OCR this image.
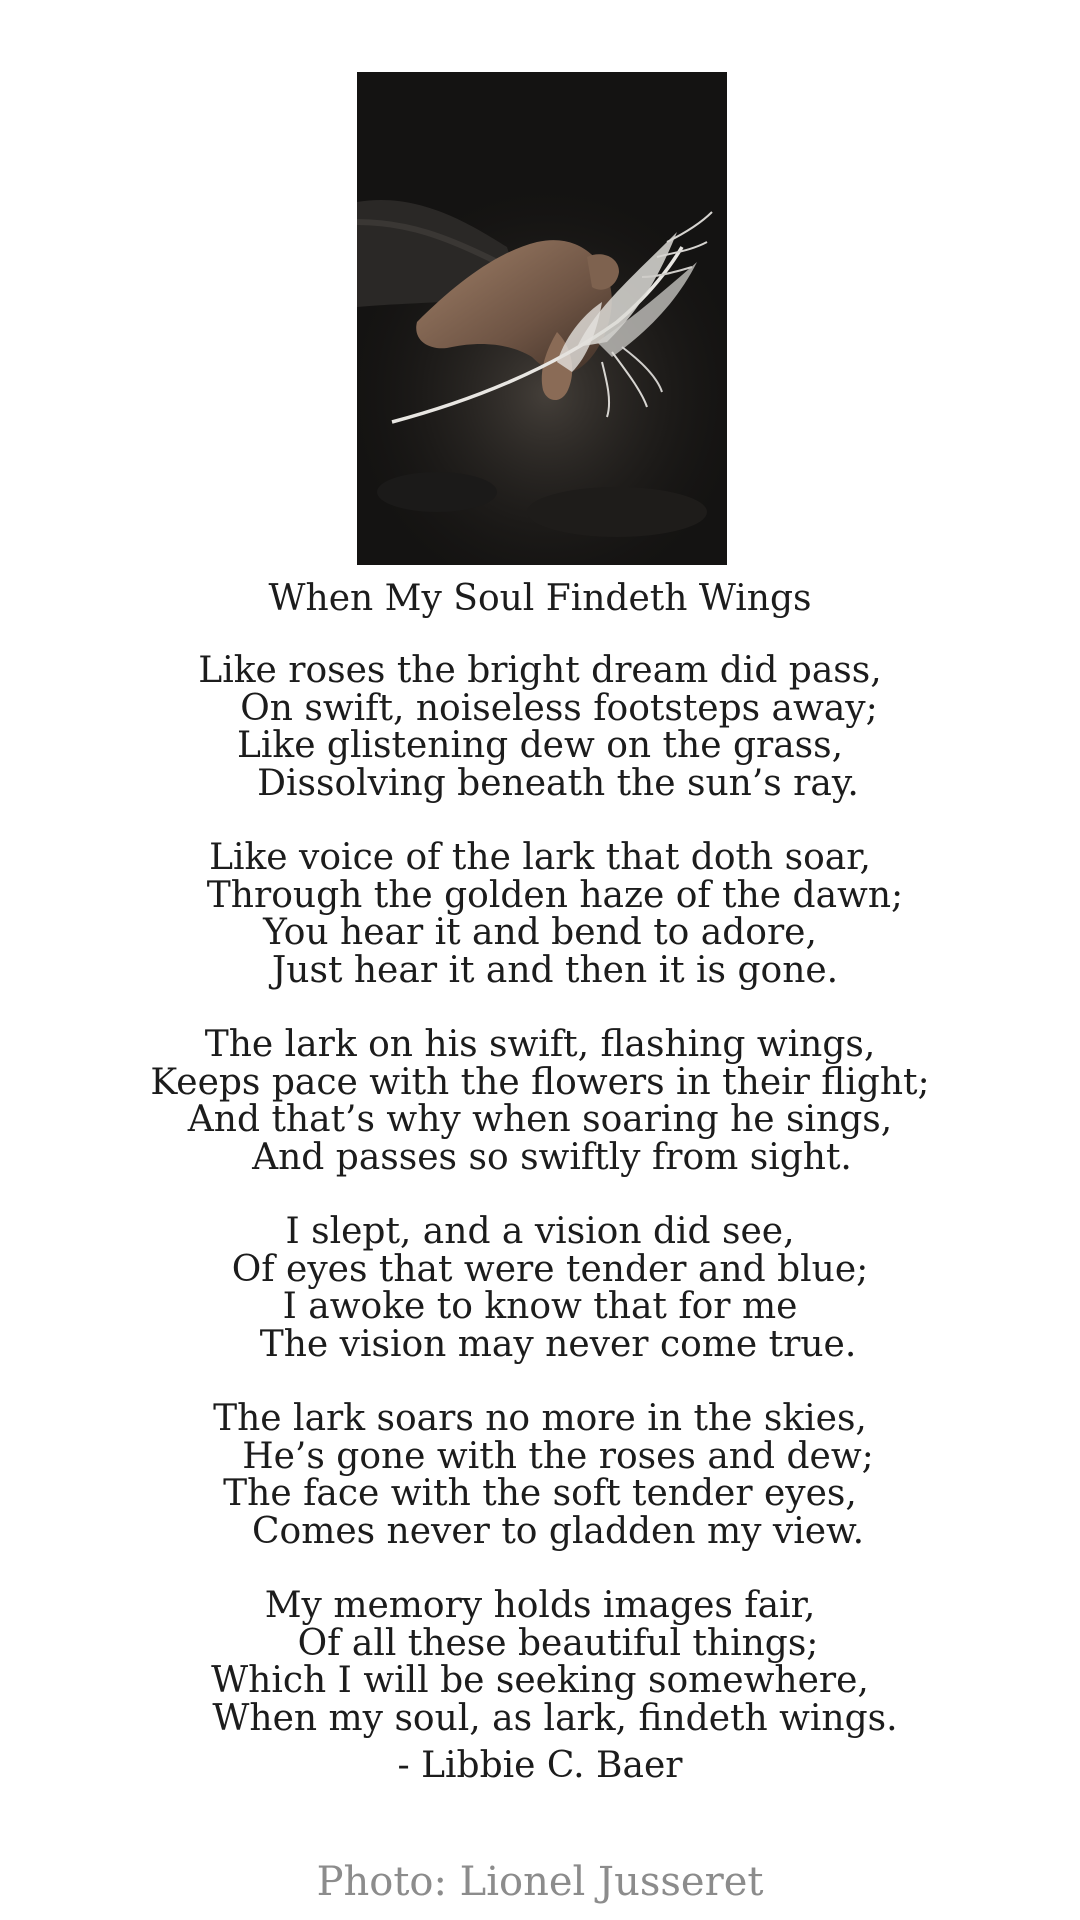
When My Soul Findeth Wings
Like roses the bright dream did pass,
On swift, noiseless footsteps away;
Like glistening dew on the grass,
Dissolving beneath the sun’s ray.
Like voice of the lark that doth soar,
Through the golden haze of the dawn;
You hear it and bend to adore,
Just hear it and then it is gone.
The lark on his swift, flashing wings,
Keeps pace with the flowers in their flight;
And that’s why when soaring he sings,
And passes so swiftly from sight.
I slept, and a vision did see,
Of eyes that were tender and blue;
I awoke to know that for me
The vision may never come true.
The lark soars no more in the skies,
He’s gone with the roses and dew;
The face with the soft tender eyes,
Comes never to gladden my view.
My memory holds images fair,
Of all these beautiful things;
Which I will be seeking somewhere,
When my soul, as lark, findeth wings.
- Libbie C. Baer
Photo: Lionel Jusseret
